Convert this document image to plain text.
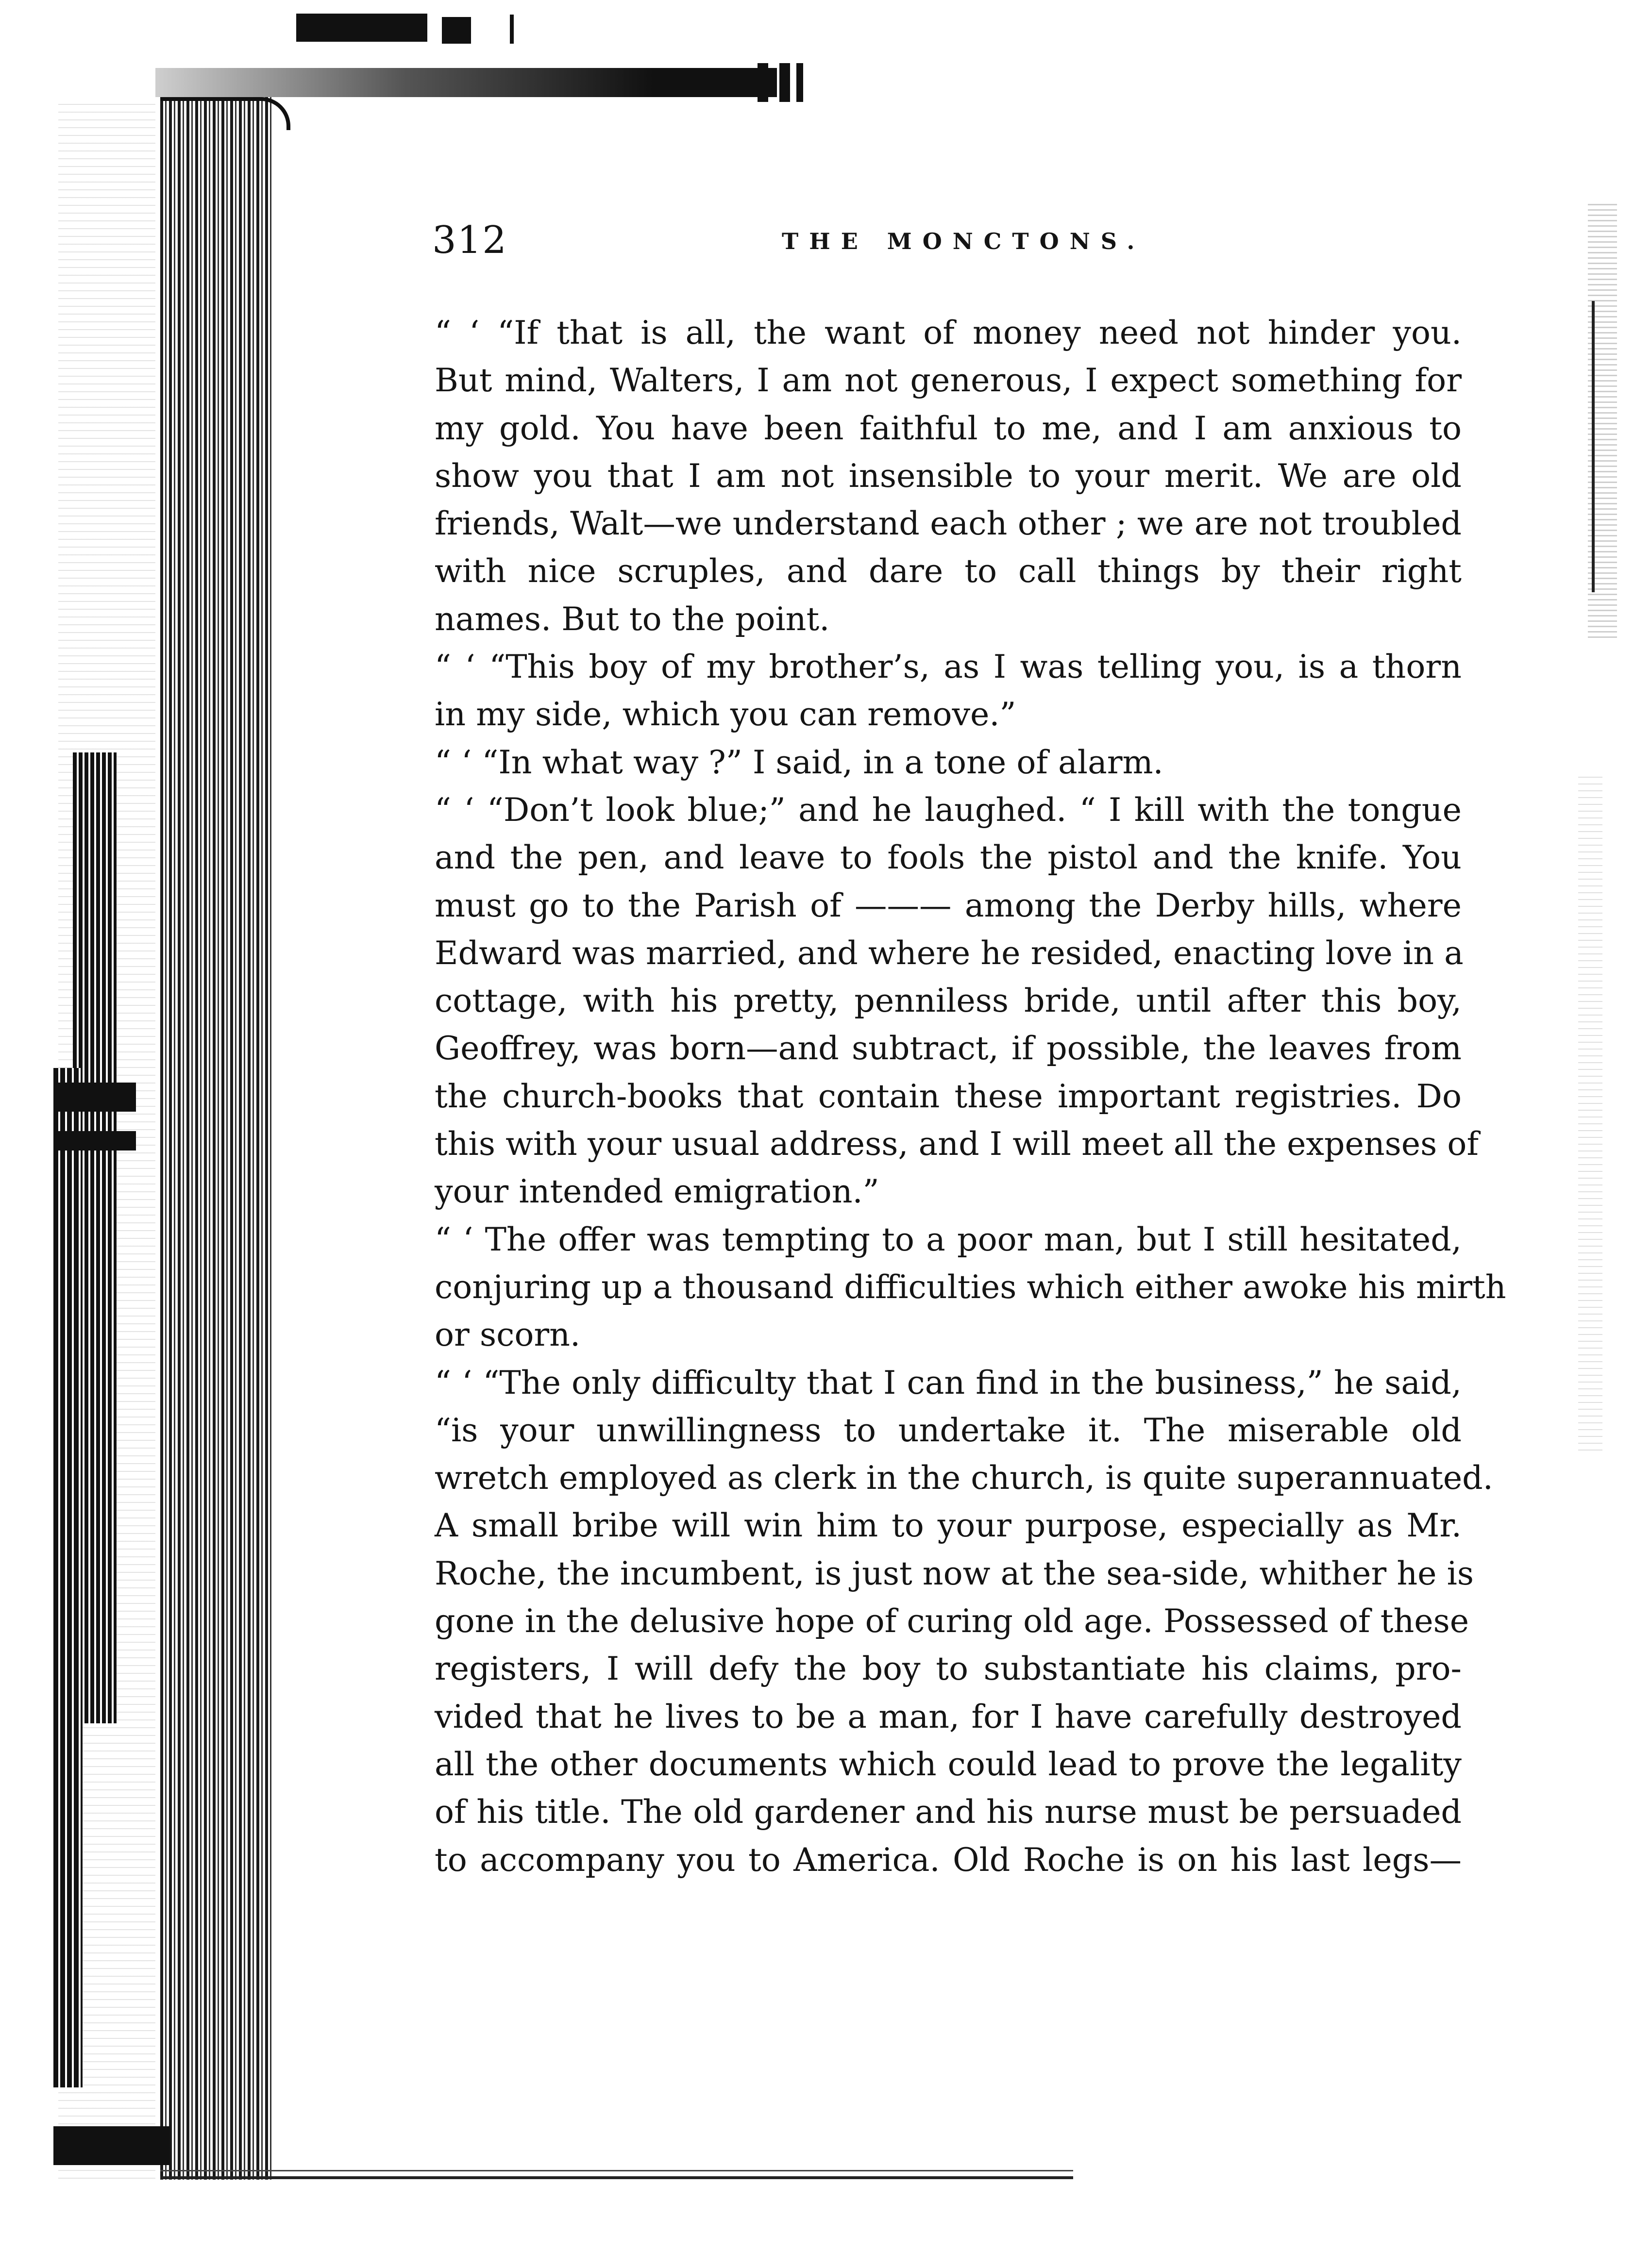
312	THE MONCTONS.
“ ‘ “If that is all, the want of money need not hinder you.
But mind, Walters, I am not generous, I expect something for
my gold. You have been faithful to me, and I am anxious to
show you that I am not insensible to your merit. We are old
friends, Walt—we understand each other ; we are not troubled
with nice scruples, and dare to call things by their right
names. But to the point.
“ ‘ “This boy of my brother’s, as I was telling you, is a thorn
in my side, which you can remove.”
“ ‘ “In what way ?” I said, in a tone of alarm.
“ ‘ “Don’t look blue;” and he laughed. “ I kill with the tongue
and the pen, and leave to fools the pistol and the knife. You
must go to the Parish of ——— among the Derby hills, where
Edward was married, and where he resided, enacting love in a
cottage, with his pretty, penniless bride, until after this boy,
Geoffrey, was born—and subtract, if possible, the leaves from
the church-books that contain these important registries. Do
this with your usual address, and I will meet all the expenses of
your intended emigration.”
“ ‘ The offer was tempting to a poor man, but I still hesitated,
conjuring up a thousand difficulties which either awoke his mirth
or scorn.
“ ‘ “The only difficulty that I can find in the business,” he said,
“is your unwillingness to undertake it. The miserable old
wretch employed as clerk in the church, is quite superannuated.
A small bribe will win him to your purpose, especially as Mr.
Roche, the incumbent, is just now at the sea-side, whither he is
gone in the delusive hope of curing old age. Possessed of these
registers, I will defy the boy to substantiate his claims, pro-
vided that he lives to be a man, for I have carefully destroyed
all the other documents which could lead to prove the legality
of his title. The old gardener and his nurse must be persuaded
to accompany you to America. Old Roche is on his last legs—
